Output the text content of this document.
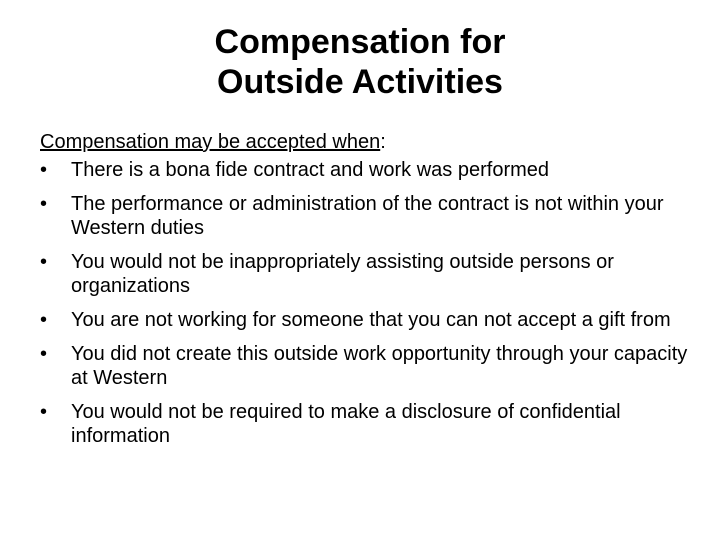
Compensation for
Outside Activities
Compensation may be accepted when:
•	There is a bona fide contract and work was performed
•	The performance or administration of the contract is not within your Western duties
•	You would not be inappropriately assisting outside persons or organizations
•	You are not working for someone that you can not accept a gift from
•	You did not create this outside work opportunity through your capacity at Western
•	You would not be required to make a disclosure of confidential information
